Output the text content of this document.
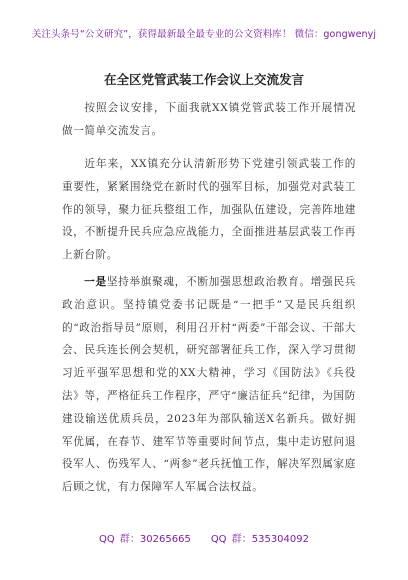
关注头条号“公文研究”，获得最新最全最专业的公文资料库！ 微信：gongwenyj
在全区党管武装工作会议上交流发言
按照会议安排，下面我就XX镇党管武装工作开展情况做一简单交流发言。
近年来，XX镇充分认清新形势下党建引领武装工作的重要性，紧紧围绕党在新时代的强军目标，加强党对武装工作的领导，聚力征兵整组工作，加强队伍建设，完善阵地建设，不断提升民兵应急应战能力，全面推进基层武装工作再上新台阶。
一是坚持举旗聚魂，不断加强思想政治教育。增强民兵政治意识。坚持镇党委书记既是“一把手”又是民兵组织的“政治指导员”原则，利用召开村“两委”干部会议、干部大会、民兵连长例会契机，研究部署征兵工作，深入学习贯彻习近平强军思想和党的XX大精神，学习《国防法》《兵役法》等，严格征兵工作程序，严守“廉洁征兵”纪律，为国防建设输送优质兵员，2023年为部队输送X名新兵。做好拥军优属，在春节、建军节等重要时间节点，集中走访慰问退役军人、伤残军人、“两参”老兵抚恤工作，解决军烈属家庭后顾之忧，有力保障军人军属合法权益。
QQ 群：30265665 QQ 群：535304092
